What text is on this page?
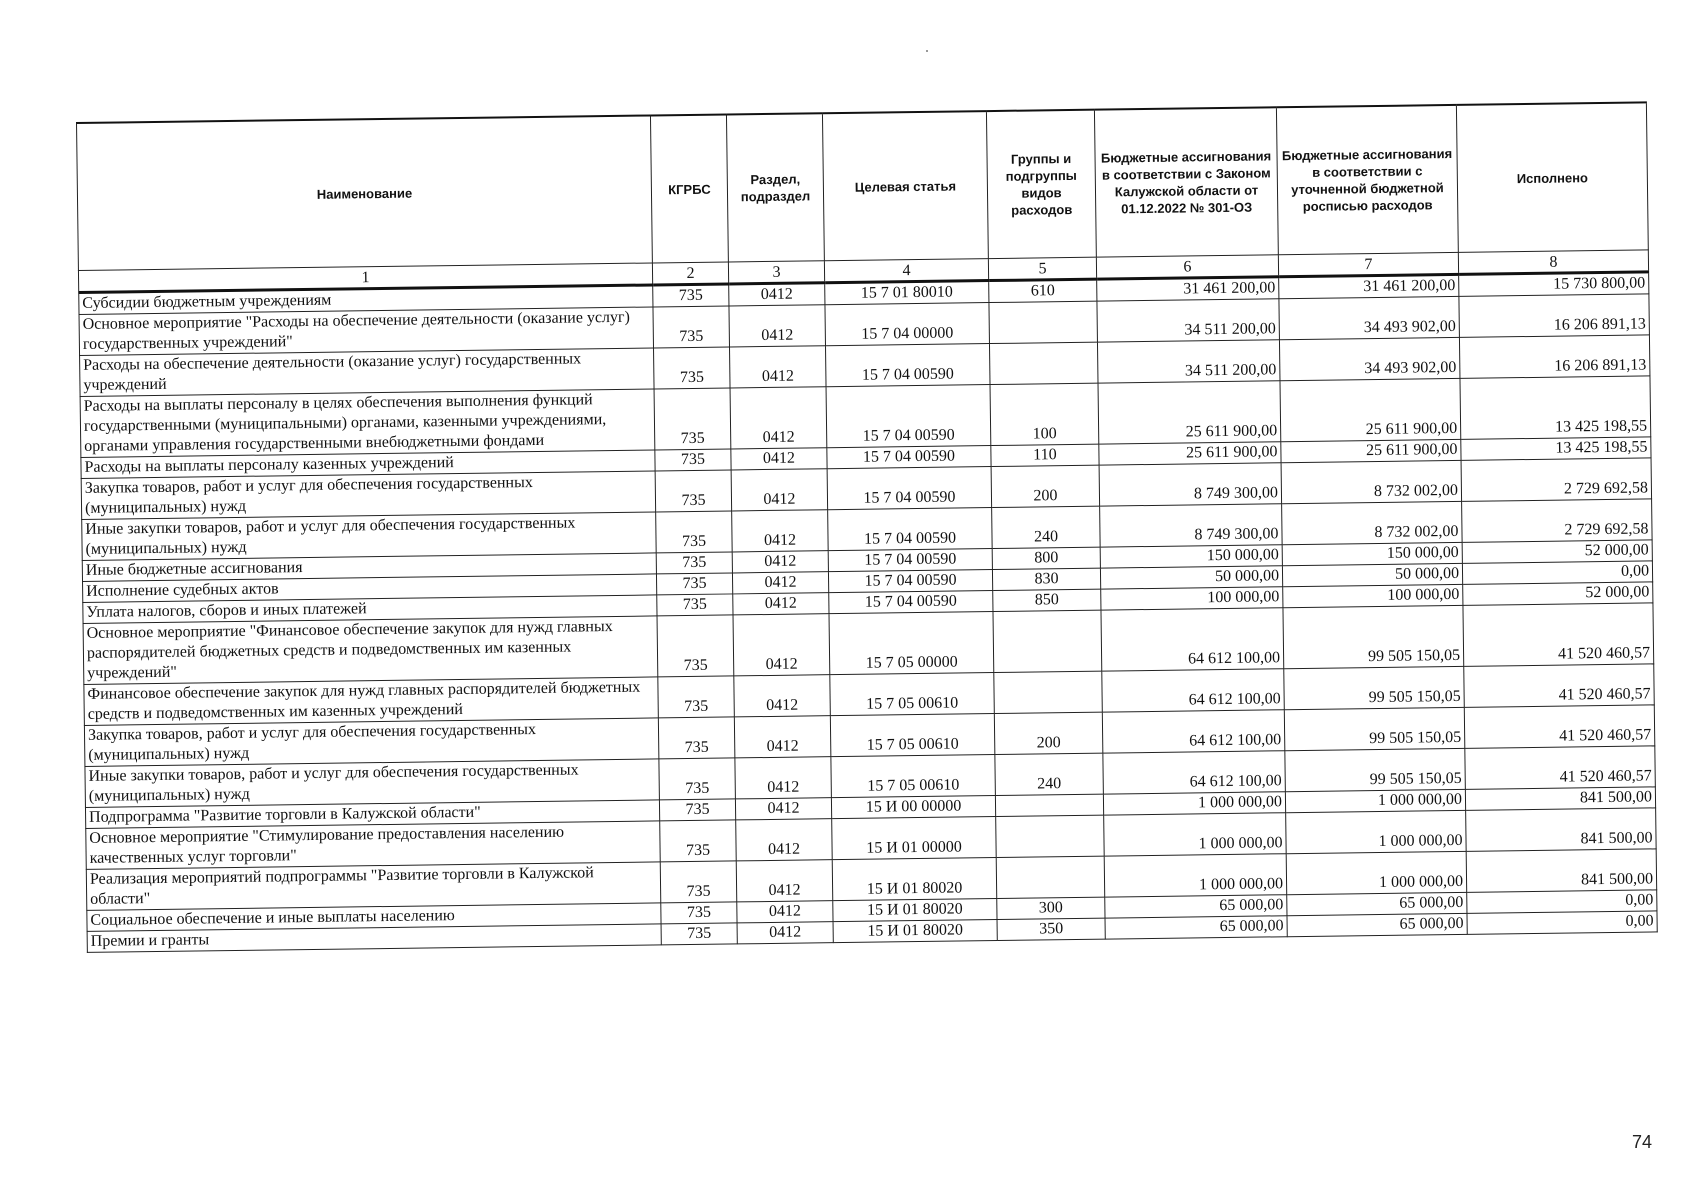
Наименование	КГРБС	Раздел, подраздел	Целевая статья	Группы и подгруппы видов расходов	Бюджетные ассигнования в соответствии с Законом Калужской области от 01.12.2022 № 301-ОЗ	Бюджетные ассигнования в соответствии с уточненной бюджетной росписью расходов	Исполнено
1	2	3	4	5	6	7	8
Субсидии бюджетным учреждениям	735	0412	15 7 01 80010	610	31 461 200,00	31 461 200,00	15 730 800,00
Основное мероприятие "Расходы на обеспечение деятельности (оказание услуг) государственных учреждений"	735	0412	15 7 04 00000		34 511 200,00	34 493 902,00	16 206 891,13
Расходы на обеспечение деятельности (оказание услуг) государственных учреждений	735	0412	15 7 04 00590		34 511 200,00	34 493 902,00	16 206 891,13
Расходы на выплаты персоналу в целях обеспечения выполнения функций государственными (муниципальными) органами, казенными учреждениями, органами управления государственными внебюджетными фондами	735	0412	15 7 04 00590	100	25 611 900,00	25 611 900,00	13 425 198,55
Расходы на выплаты персоналу казенных учреждений	735	0412	15 7 04 00590	110	25 611 900,00	25 611 900,00	13 425 198,55
Закупка товаров, работ и услуг для обеспечения государственных (муниципальных) нужд	735	0412	15 7 04 00590	200	8 749 300,00	8 732 002,00	2 729 692,58
Иные закупки товаров, работ и услуг для обеспечения государственных (муниципальных) нужд	735	0412	15 7 04 00590	240	8 749 300,00	8 732 002,00	2 729 692,58
Иные бюджетные ассигнования	735	0412	15 7 04 00590	800	150 000,00	150 000,00	52 000,00
Исполнение судебных актов	735	0412	15 7 04 00590	830	50 000,00	50 000,00	0,00
Уплата налогов, сборов и иных платежей	735	0412	15 7 04 00590	850	100 000,00	100 000,00	52 000,00
Основное мероприятие "Финансовое обеспечение закупок для нужд главных распорядителей бюджетных средств и подведомственных им казенных учреждений"	735	0412	15 7 05 00000		64 612 100,00	99 505 150,05	41 520 460,57
Финансовое обеспечение закупок для нужд главных распорядителей бюджетных средств и подведомственных им казенных учреждений	735	0412	15 7 05 00610		64 612 100,00	99 505 150,05	41 520 460,57
Закупка товаров, работ и услуг для обеспечения государственных (муниципальных) нужд	735	0412	15 7 05 00610	200	64 612 100,00	99 505 150,05	41 520 460,57
Иные закупки товаров, работ и услуг для обеспечения государственных (муниципальных) нужд	735	0412	15 7 05 00610	240	64 612 100,00	99 505 150,05	41 520 460,57
Подпрограмма "Развитие торговли в Калужской области"	735	0412	15 И 00 00000		1 000 000,00	1 000 000,00	841 500,00
Основное мероприятие "Стимулирование предоставления населению качественных услуг торговли"	735	0412	15 И 01 00000		1 000 000,00	1 000 000,00	841 500,00
Реализация мероприятий подпрограммы "Развитие торговли в Калужской области"	735	0412	15 И 01 80020		1 000 000,00	1 000 000,00	841 500,00
Социальное обеспечение и иные выплаты населению	735	0412	15 И 01 80020	300	65 000,00	65 000,00	0,00
Премии и гранты	735	0412	15 И 01 80020	350	65 000,00	65 000,00	0,00
74
